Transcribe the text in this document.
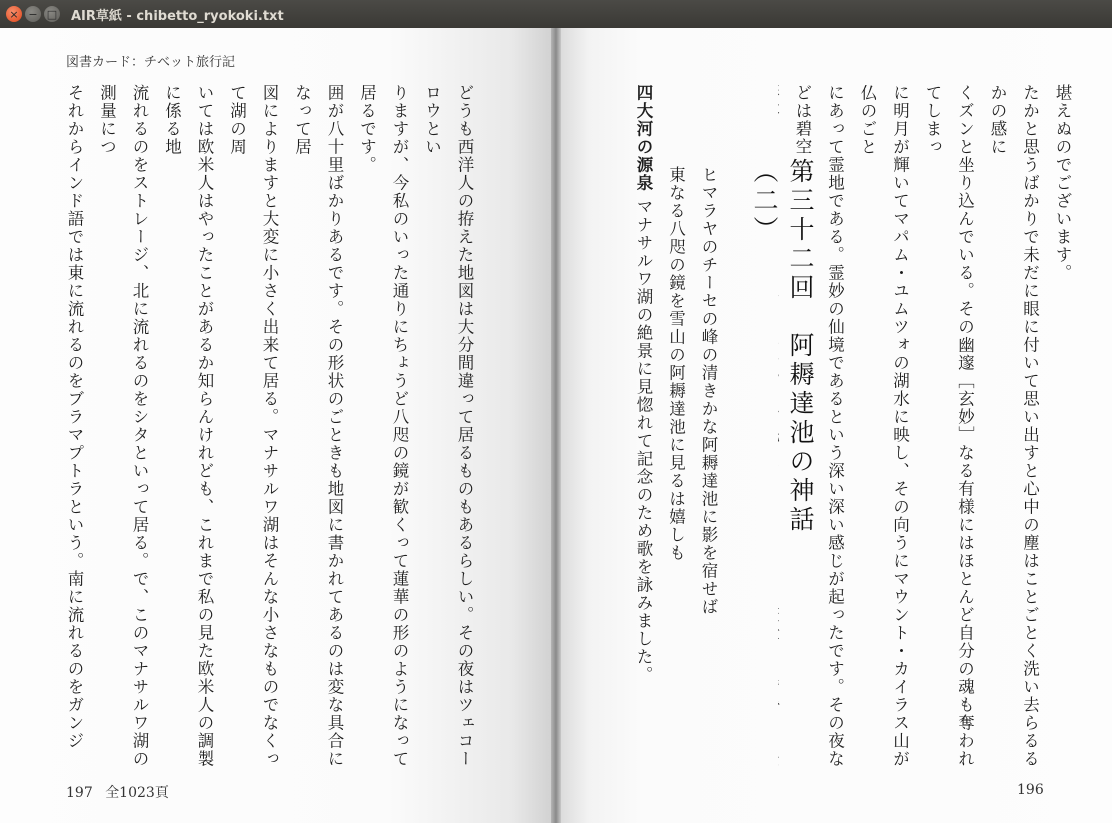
× − □ AIR草紙 - chibetto_ryokoki.txt
図書カード：チベット旅行記
どうも西洋人の拵えた地図は大分間違って居るものもあるらしい。その夜はツェコーロウとい
りますが、今私のいった通りにちょうど八咫の鏡が歓くって蓮華の形のようになって居るです。
囲が八十里ばかりあるです。その形状のごときも地図に書かれてあるのは変な具合になって居
図によりますと大変に小さく出来て居る。マナサルワ湖はそんな小さなものでなくって湖の周
いては欧米人はやったことがあるか知らんけれども、これまで私の見た欧米人の調製に係る地
流れるのをストレージ、北に流れるのをシタといって居る。で、このマナサルワ湖の測量につ
それからインド語では東に流れるのをブラマプトラという。南に流れるのをガンジ
197 全1023頁
堪えぬのでございます。
たかと思うばかりで未だに眼に付いて思い出すと心中の塵はことごとく洗い去らるるかの感に
くズンと坐り込んでいる。その幽邃［玄妙］なる有様にはほとんど自分の魂も奪われてしまっ
に明月が輝いてマパム・ユムツォの湖水に映し、その向うにマウント・カイラス山が仏のごと
にあって霊地である。霊妙の仙境であるという深い深い感じが起ったです。その夜などは碧空
第三十二回　阿耨達池の神話（二）
ヒマラヤのチーセの峰の清きかな阿耨達池に影を宿せば
東なる八咫の鏡を雪山の阿耨達池に見るは嬉しも
四大河の源泉マナサルワ湖の絶景に見惚れて記念のため歌を詠みました。
196
